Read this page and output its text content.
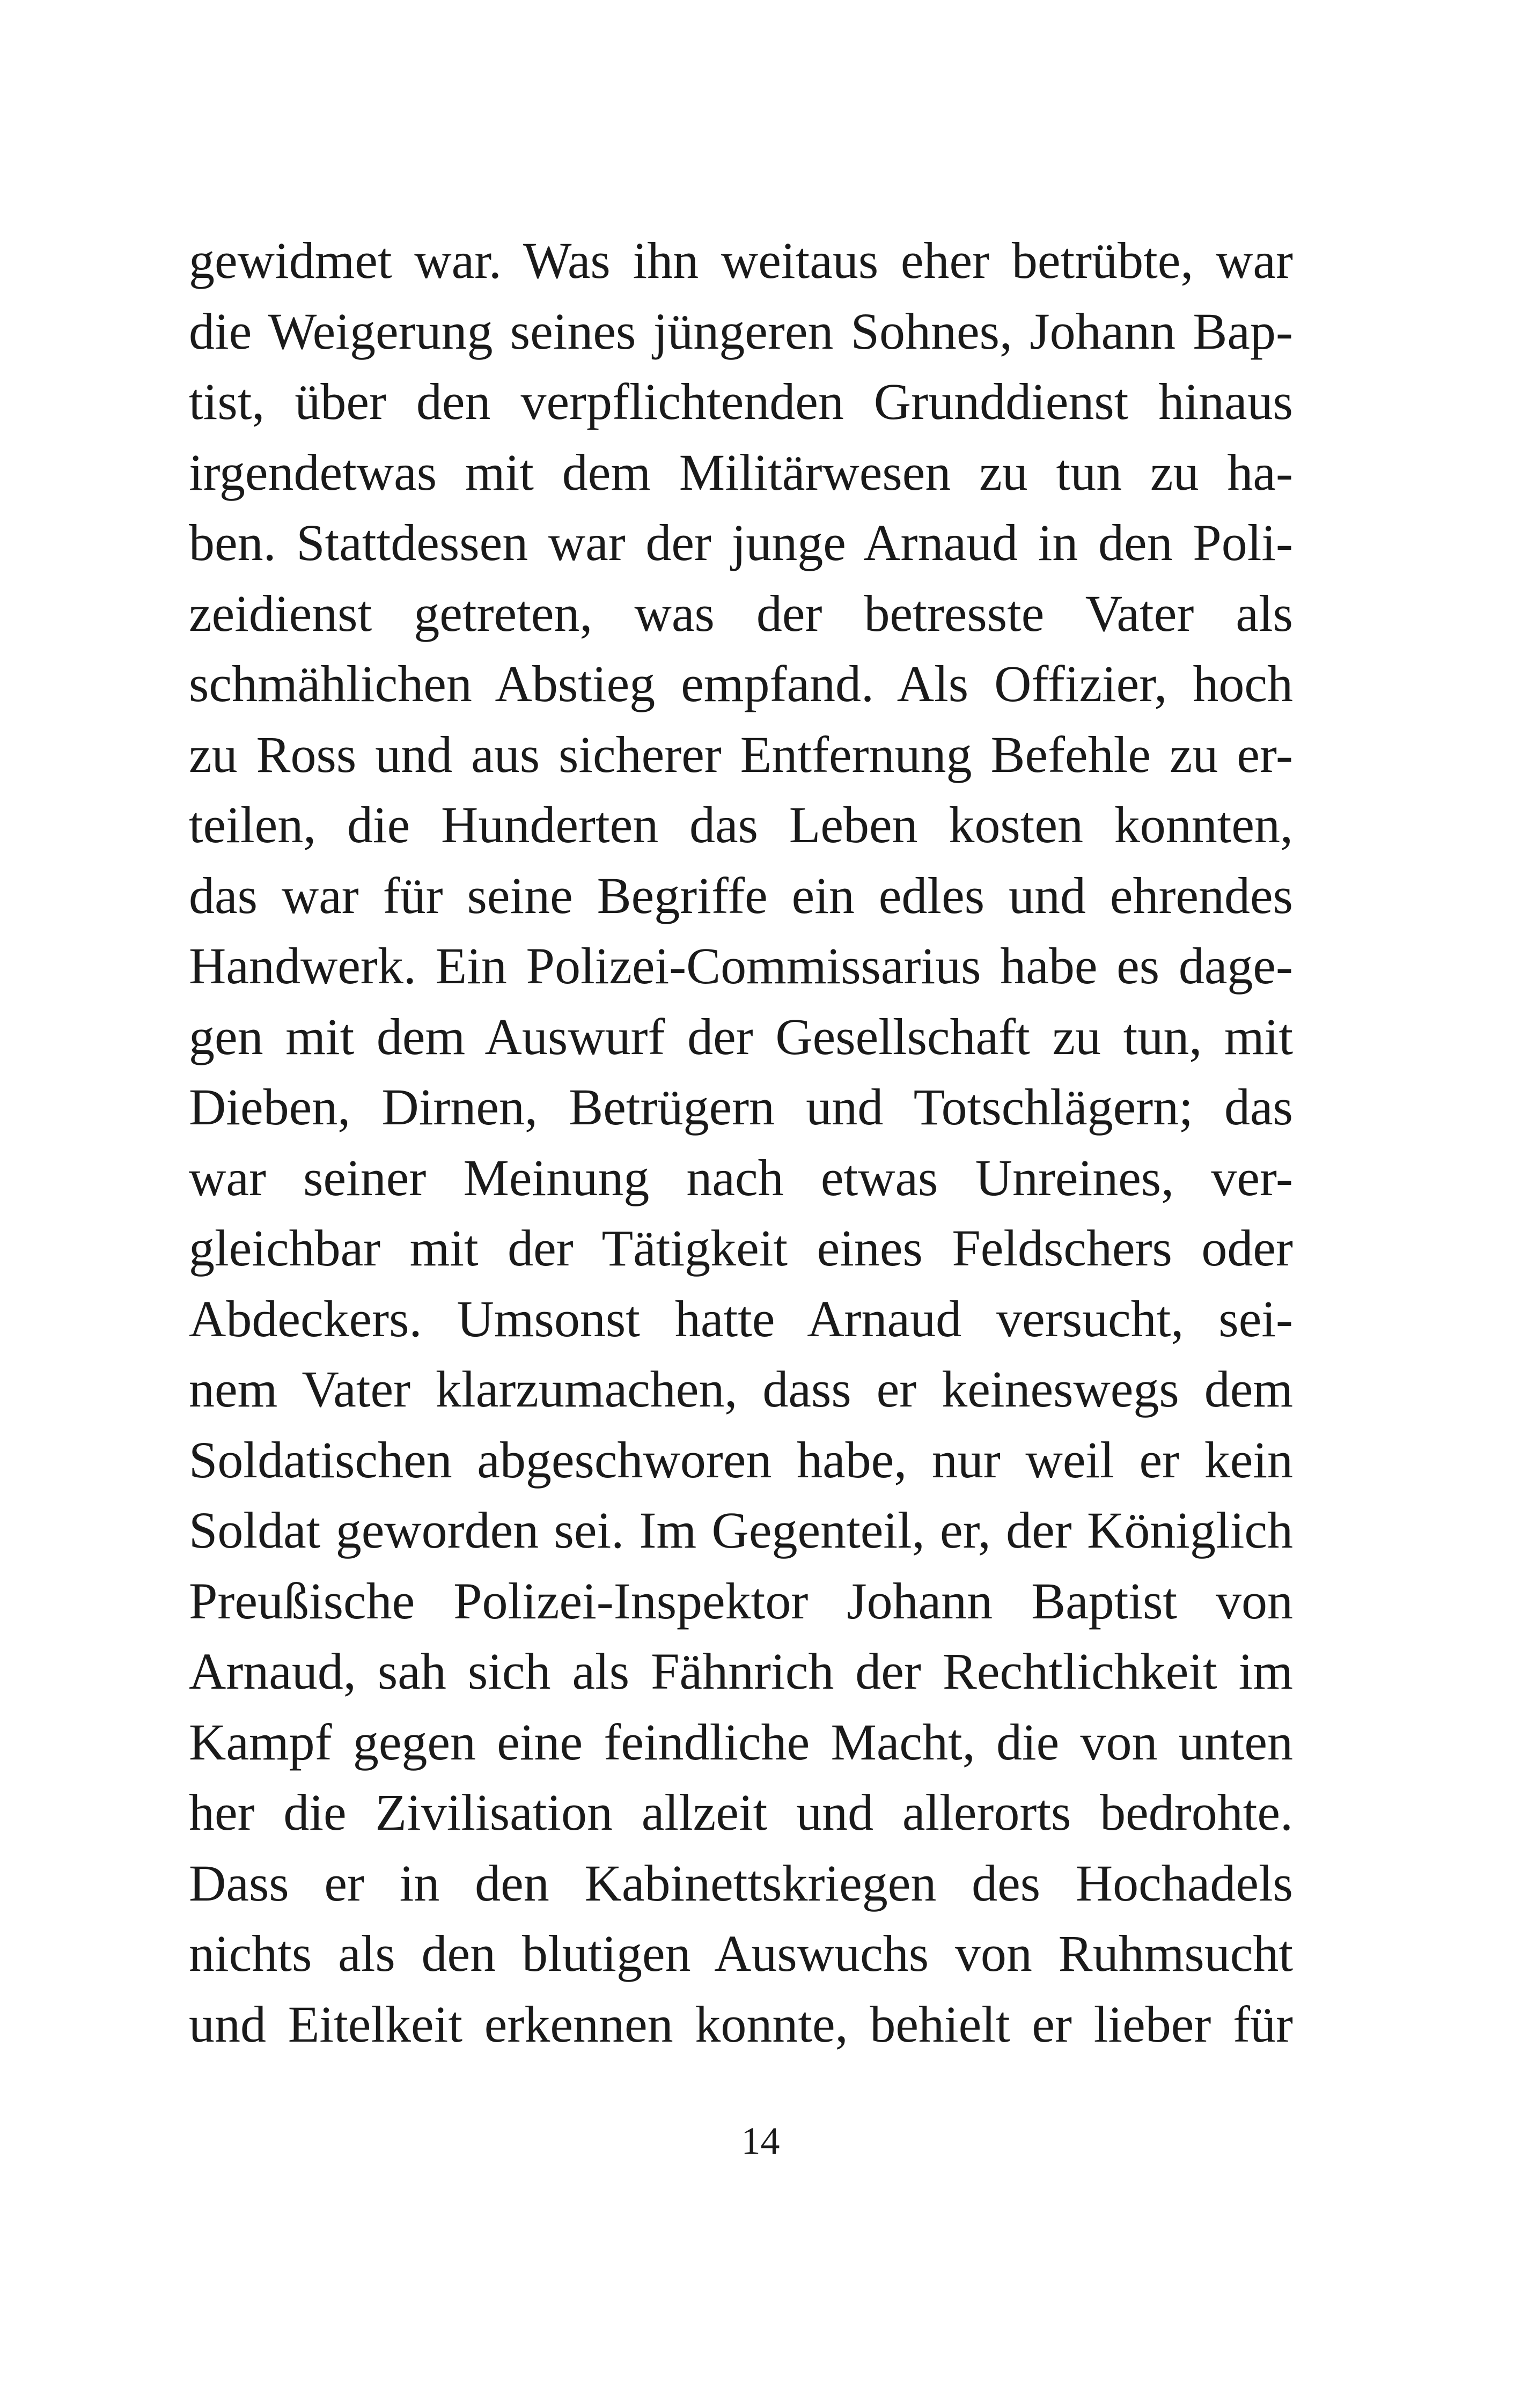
gewidmet war. Was ihn weitaus eher betrübte, war
die Weigerung seines jüngeren Sohnes, Johann Bap-
tist, über den verpflichtenden Grunddienst hinaus
irgendetwas mit dem Militärwesen zu tun zu ha-
ben. Stattdessen war der junge Arnaud in den Poli-
zeidienst getreten, was der betresste Vater als
schmählichen Abstieg empfand. Als Offizier, hoch
zu Ross und aus sicherer Entfernung Befehle zu er-
teilen, die Hunderten das Leben kosten konnten,
das war für seine Begriffe ein edles und ehrendes
Handwerk. Ein Polizei-Commissarius habe es dage-
gen mit dem Auswurf der Gesellschaft zu tun, mit
Dieben, Dirnen, Betrügern und Totschlägern; das
war seiner Meinung nach etwas Unreines, ver-
gleichbar mit der Tätigkeit eines Feldschers oder
Abdeckers. Umsonst hatte Arnaud versucht, sei-
nem Vater klarzumachen, dass er keineswegs dem
Soldatischen abgeschworen habe, nur weil er kein
Soldat geworden sei. Im Gegenteil, er, der Königlich
Preußische Polizei-Inspektor Johann Baptist von
Arnaud, sah sich als Fähnrich der Rechtlichkeit im
Kampf gegen eine feindliche Macht, die von unten
her die Zivilisation allzeit und allerorts bedrohte.
Dass er in den Kabinettskriegen des Hochadels
nichts als den blutigen Auswuchs von Ruhmsucht
und Eitelkeit erkennen konnte, behielt er lieber für
14
